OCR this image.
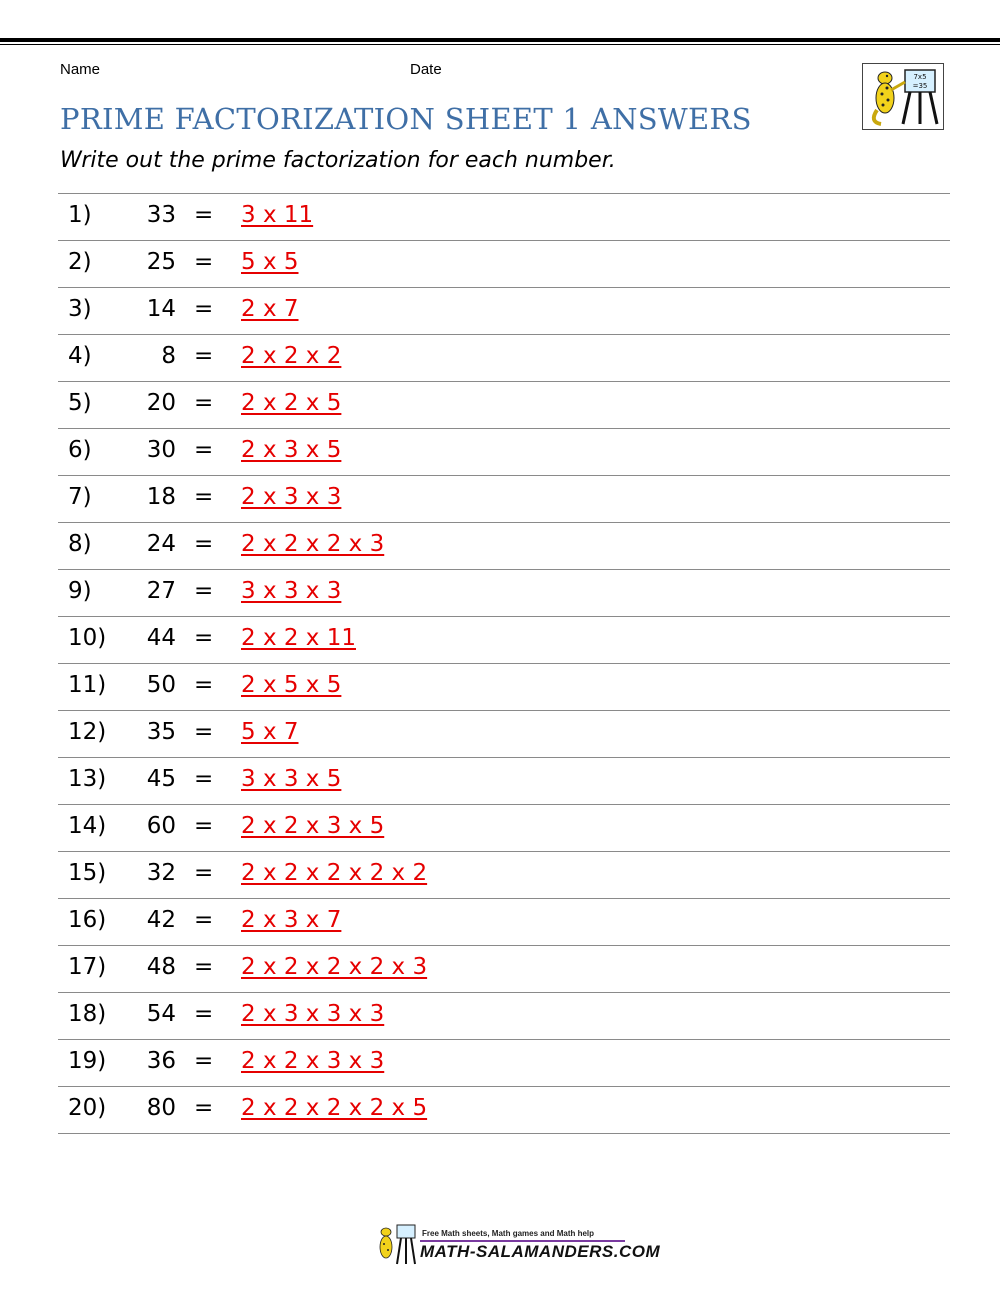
Name	Date	7x5
=35
PRIME FACTORIZATION SHEET 1 ANSWERS
Write out the prime factorization for each number.
1)	33 = 3 x 11
2)	25 = 5 x 5
3)	14 = 2 x 7
4)	8 = 2 x 2 x 2
5)	20 = 2 x 2 x 5
6)	30 = 2 x 3 x 5
7)	18 = 2 x 3 x 3
8)	24 = 2 x 2 x 2 x 3
9)	27 = 3 x 3 x 3
10)	44 = 2 x 2 x 11
11)	50 = 2 x 5 x 5
12)	35 = 5 x 7
13)	45 = 3 x 3 x 5
14)	60 = 2 x 2 x 3 x 5
15)	32 = 2 x 2 x 2 x 2 x 2
16)	42 = 2 x 3 x 7
17)	48 = 2 x 2 x 2 x 2 x 3
18)	54 = 2 x 3 x 3 x 3
19)	36 = 2 x 2 x 3 x 3
20)	80 = 2 x 2 x 2 x 2 x 5
Free Math sheets, Math games and Math help
MATH-SALAMANDERS.COM
